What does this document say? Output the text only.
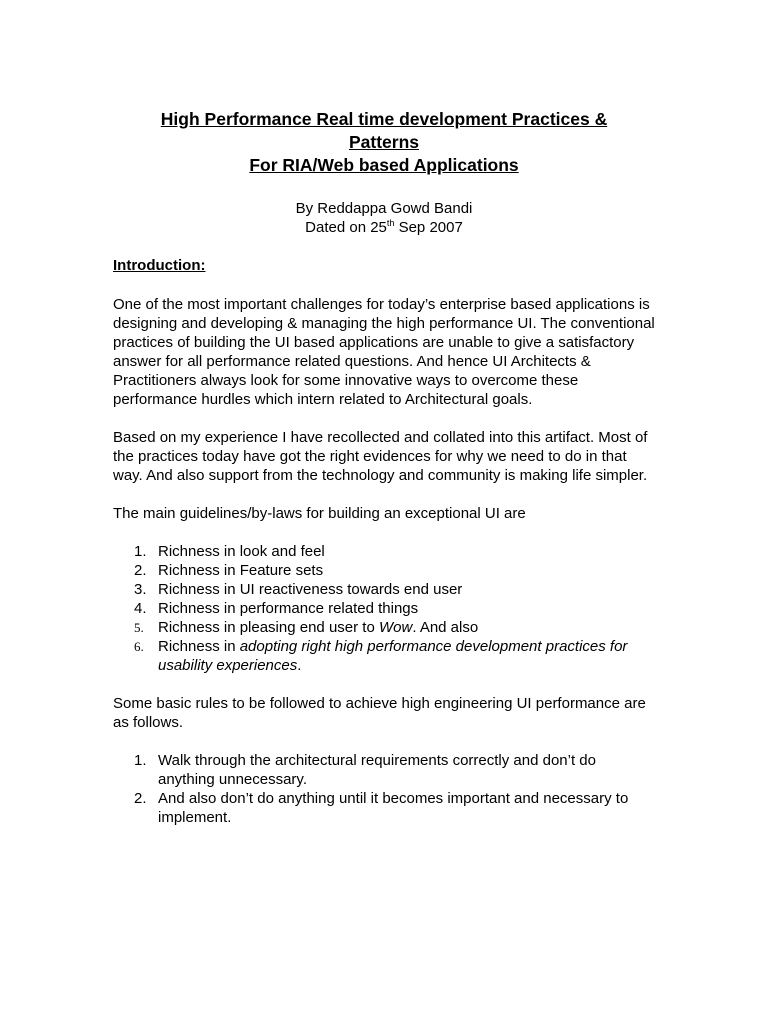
High Performance Real time development Practices &
Patterns
For RIA/Web based Applications
By Reddappa Gowd Bandi
Dated on 25th Sep 2007
Introduction:

One of the most important challenges for today’s enterprise based applications is designing and developing & managing the high performance UI. The conventional practices of building the UI based applications are unable to give a satisfactory answer for all performance related questions. And hence UI Architects & Practitioners always look for some innovative ways to overcome these performance hurdles which intern related to Architectural goals.

Based on my experience I have recollected and collated into this artifact. Most of the practices today have got the right evidences for why we need to do in that way. And also support from the technology and community is making life simpler.

The main guidelines/by-laws for building an exceptional UI are

1. Richness in look and feel
2. Richness in Feature sets
3. Richness in UI reactiveness towards end user
4. Richness in performance related things
5. Richness in pleasing end user to Wow. And also
6. Richness in adopting right high performance development practices for usability experiences.

Some basic rules to be followed to achieve high engineering UI performance are as follows.

1. Walk through the architectural requirements correctly and don’t do anything unnecessary.
2. And also don’t do anything until it becomes important and necessary to implement.
